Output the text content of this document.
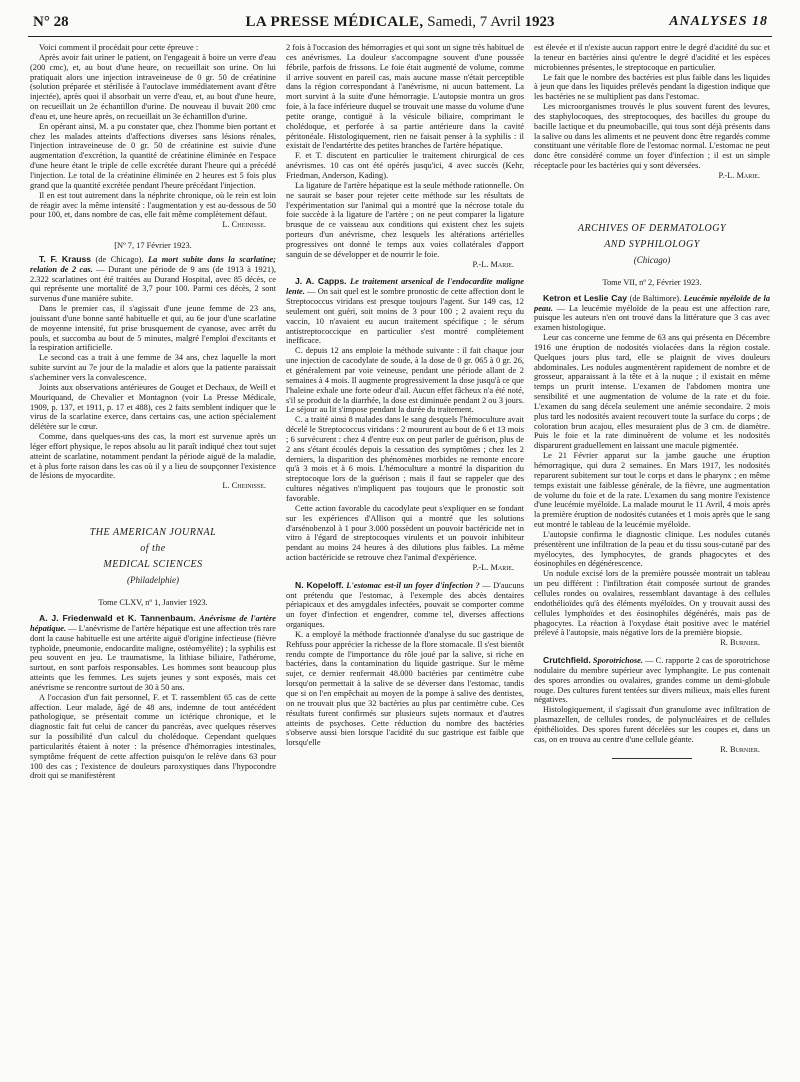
N° 28	LA PRESSE MÉDICALE, Samedi, 7 Avril 1923	ANALYSES 18

Voici comment il procédait pour cette épreuve :

Après avoir fait uriner le patient, on l'engageait à boire un verre d'eau (200 cmc), et, au bout d'une heure, on recueillait son urine. On lui pratiquait alors une injection intraveineuse de 0 gr. 50 de créatinine (solution préparée et stérilisée à l'autoclave immédiatement avant d'être injectée), après quoi il absorbait un verre d'eau, et, au bout d'une heure, on recueillait un 2e échantillon d'urine. De nouveau il buvait 200 cmc d'eau et, une heure après, on recueillait un 3e échantillon d'urine.

En opérant ainsi, M. a pu constater que, chez l'homme bien portant et chez les malades atteints d'affections diverses sans lésions rénales, l'injection intraveineuse de 0 gr. 50 de créatinine est suivie d'une augmentation d'excrétion, la quantité de créatinine éliminée en l'espace d'une heure étant le triple de celle excrétée durant l'heure qui a précédé l'injection. Le total de la créatinine éliminée en 2 heures est 5 fois plus grand que la quantité excrétée pendant l'heure précédant l'injection.

Il en est tout autrement dans la néphrite chronique, où le rein est loin de réagir avec la même intensité : l'augmentation y est au-dessous de 50 pour 100, et, dans nombre de cas, elle fait même complètement défaut.

L. Cheinisse.

[Nº 7, 17 Février 1923.

T. F. Krauss (de Chicago). La mort subite dans la scarlatine; relation de 2 cas. — Durant une période de 9 ans (de 1913 à 1921), 2.322 scarlatines ont été traitées au Durand Hospital, avec 85 décès, ce qui représente une mortalité de 3,7 pour 100. Parmi ces décès, 2 sont survenus d'une manière subite.

Dans le premier cas, il s'agissait d'une jeune femme de 23 ans, jouissant d'une bonne santé habituelle et qui, au 6e jour d'une scarlatine de moyenne intensité, fut prise brusquement de cyanose, avec arrêt du pouls, et succomba au bout de 5 minutes, malgré l'emploi d'excitants et la respiration artificielle.

Le second cas a trait à une femme de 34 ans, chez laquelle la mort subite survint au 7e jour de la maladie et alors que la patiente paraissait s'acheminer vers la convalescence.

Joints aux observations antérieures de Gouget et Dechaux, de Weill et Mouriquand, de Chevalier et Montagnon (voir La Presse Médicale, 1909, p. 137, et 1911, p. 17 et 488), ces 2 faits semblent indiquer que le virus de la scarlatine exerce, dans certains cas, une action spécialement délétère sur le cœur.

Comme, dans quelques-uns des cas, la mort est survenue après un léger effort physique, le repos absolu au lit paraît indiqué chez tout sujet atteint de scarlatine, notamment pendant la période aiguë de la maladie, et à plus forte raison dans les cas où il y a lieu de soupçonner l'existence de lésions de myocardite.

L. Cheinisse.

THE AMERICAN JOURNAL
of the
MEDICAL SCIENCES
(Philadelphie)

Tome CLXV, nº 1, Janvier 1923.

A. J. Friedenwald et K. Tannenbaum. Anévrisme de l'artère hépatique. — L'anévrisme de l'artère hépatique est une affection très rare dont la cause habituelle est une artérite aiguë d'origine infectieuse (fièvre typhoïde, pneumonie, endocardite maligne, ostéomyélite) ; la syphilis est peu souvent en jeu. Le traumatisme, la lithiase biliaire, l'athérome, surtout, en sont parfois responsables. Les hommes sont beaucoup plus atteints que les femmes. Les sujets jeunes y sont exposés, mais cet anévrisme se rencontre surtout de 30 à 50 ans.

A l'occasion d'un fait personnel, F. et T. rassemblent 65 cas de cette affection. Leur malade, âgé de 48 ans, indemne de tout antécédent pathologique, se présentait comme un ictérique chronique, et le diagnostic fait fut celui de cancer du pancréas, avec quelques réserves sur la possibilité d'un calcul du cholédoque. Cependant quelques particularités étaient à noter : la présence d'hémorragies intestinales, symptôme fréquent de cette affection puisqu'on le relève dans 63 pour 100 des cas ; l'existence de douleurs paroxystiques dans l'hypocondre droit qui se manifestèrent

2 fois à l'occasion des hémorragies et qui sont un signe très habituel de ces anévrismes. La douleur s'accompagne souvent d'une poussée fébrile, parfois de frissons. Le foie était augmenté de volume, comme il arrive souvent en pareil cas, mais aucune masse n'était perceptible dans la région correspondant à l'anévrisme, ni aucun battement. La mort survint à la suite d'une hémorragie. L'autopsie montra un gros foie, à la face inférieure duquel se trouvait une masse du volume d'une petite orange, contiguë à la vésicule biliaire, comprimant le cholédoque, et perforée à sa partie antérieure dans la cavité péritonéale. Histologiquement, rien ne faisait penser à la syphilis : il existait de l'endartérite des petites branches de l'artère hépatique.

F. et T. discutent en particulier le traitement chirurgical de ces anévrismes. 10 cas ont été opérés jusqu'ici, 4 avec succès (Kehr, Friedman, Anderson, Kading).

La ligature de l'artère hépatique est la seule méthode rationnelle. On ne saurait se baser pour rejeter cette méthode sur les résultats de l'expérimentation sur l'animal qui a montré que la nécrose totale du foie succède à la ligature de l'artère ; on ne peut comparer la ligature brusque de ce vaisseau aux conditions qui existent chez les sujets porteurs d'un anévrisme, chez lesquels les altérations artérielles progressives ont donné le temps aux voies collatérales d'apport sanguin de se développer et de nourrir le foie.

P.-L. Marie.

J. A. Capps. Le traitement arsenical de l'endocardite maligne lente. — On sait quel est le sombre pronostic de cette affection dont le Streptococcus viridans est presque toujours l'agent. Sur 149 cas, 12 seulement ont guéri, soit moins de 3 pour 100 ; 2 avaient reçu du vaccin, 10 n'avaient eu aucun traitement spécifique ; le sérum antistreptococcique en particulier s'est montré complètement inefficace.

C. depuis 12 ans emploie la méthode suivante : il fait chaque jour une injection de cacodylate de soude, à la dose de 0 gr. 065 à 0 gr. 26, et généralement par voie veineuse, pendant une période allant de 2 semaines à 4 mois. Il augmente progressivement la dose jusqu'à ce que l'haleine exhale une forte odeur d'ail. Aucun effet fâcheux n'a été noté, s'il se produit de la diarrhée, la dose est diminuée pendant 2 ou 3 jours. Le séjour au lit s'impose pendant la durée du traitement.

C. a traité ainsi 8 malades dans le sang desquels l'hémoculture avait décelé le Streptococcus viridans : 2 moururent au bout de 6 et 13 mois ; 6 survécurent : chez 4 d'entre eux on peut parler de guérison, plus de 2 ans s'étant écoulés depuis la cessation des symptômes ; chez les 2 derniers, la disparition des phénomènes morbides ne remonte encore qu'à 3 mois et à 6 mois. L'hémoculture a montré la disparition du streptocoque lors de la guérison ; mais il faut se rappeler que des cultures négatives n'impliquent pas toujours que le pronostic soit favorable.

Cette action favorable du cacodylate peut s'expliquer en se fondant sur les expériences d'Allison qui a montré que les solutions d'arsénobenzol à 1 pour 3.000 possèdent un pouvoir bactéricide net in vitro à l'égard de streptocoques virulents et un pouvoir inhibiteur pendant au moins 24 heures à des dilutions plus faibles. La même action bactéricide se retrouve chez l'animal d'expérience.

P.-L. Marie.

N. Kopeloff. L'estomac est-il un foyer d'infection ? — D'aucuns ont prétendu que l'estomac, à l'exemple des abcès dentaires périapicaux et des amygdales infectées, pouvait se comporter comme un foyer d'infection et engendrer, comme tel, diverses affections organiques.

K. a employé la méthode fractionnée d'analyse du suc gastrique de Rehfuss pour apprécier la richesse de la flore stomacale. Il s'est bientôt rendu compte de l'importance du rôle joué par la salive, si riche en bactéries, dans la contamination du liquide gastrique. Sur le même sujet, ce dernier renfermait 48.000 bactéries par centimètre cube lorsqu'on permettait à la salive de se déverser dans l'estomac, tandis que si on l'en empêchait au moyen de la pompe à salive des dentistes, on ne trouvait plus que 32 bactéries au plus par centimètre cube. Ces résultats furent confirmés sur plusieurs sujets normaux et d'autres atteints de psychoses. Cette réduction du nombre des bactéries s'observe aussi bien lorsque l'acidité du suc gastrique est faible que lorsqu'elle

est élevée et il n'existe aucun rapport entre le degré d'acidité du suc et la teneur en bactéries ainsi qu'entre le degré d'acidité et les espèces microbiennes présentes, le streptocoque en particulier.

Le fait que le nombre des bactéries est plus faible dans les liquides à jeun que dans les liquides prélevés pendant la digestion indique que les bactéries ne se multiplient pas dans l'estomac.

Les microorganismes trouvés le plus souvent furent des levures, des staphylocoques, des streptocoques, des bacilles du groupe du bacille lactique et du pneumobacille, qui tous sont déjà présents dans la salive ou dans les aliments et ne peuvent donc être regardés comme constituant une véritable flore de l'estomac normal. L'estomac ne peut donc être considéré comme un foyer d'infection ; il est un simple réceptacle pour les bactéries qui y sont déversées.

P.-L. Marie.

ARCHIVES OF DERMATOLOGY
AND SYPHILOLOGY
(Chicago)

Tome VII, nº 2, Février 1923.

Ketron et Leslie Cay (de Baltimore). Leucémie myéloïde de la peau. — La leucémie myéloïde de la peau est une affection rare, puisque les auteurs n'en ont trouvé dans la littérature que 3 cas avec examen histologique.

Leur cas concerne une femme de 63 ans qui présenta en Décembre 1916 une éruption de nodosités violacées dans la région costale. Quelques jours plus tard, elle se plaignit de vives douleurs abdominales. Les nodules augmentèrent rapidement de nombre et de grosseur, apparaissant à la tête et à la nuque ; il existait en même temps un prurit intense. L'examen de l'abdomen montra une sensibilité et une augmentation de volume de la rate et du foie. L'examen du sang décela seulement une anémie secondaire. 2 mois plus tard les nodosités avaient recouvert toute la surface du corps ; de coloration brun acajou, elles mesuraient plus de 3 cm. de diamètre. Puis le foie et la rate diminuèrent de volume et les nodosités disparurent graduellement en laissant une macule pigmentée.

Le 21 Février apparut sur la jambe gauche une éruption hémorragique, qui dura 2 semaines. En Mars 1917, les nodosités reparurent subitement sur tout le corps et dans le pharynx ; en même temps existait une faiblesse générale, de la fièvre, une augmentation de volume du foie et de la rate. L'examen du sang montre l'existence d'une leucémie myéloïde. La malade mourut le 11 Avril, 4 mois après la première éruption de nodosités cutanées et 1 mois après que le sang eut montré le tableau de la leucémie myéloïde.

L'autopsie confirma le diagnostic clinique. Les nodules cutanés présentèrent une infiltration de la peau et du tissu sous-cutané par des myélocytes, des lymphocytes, de grands phagocytes et des éosinophiles en dégénérescence.

Un nodule excisé lors de la première poussée montrait un tableau un peu différent : l'infiltration était composée surtout de grandes cellules rondes ou ovalaires, ressemblant davantage à des cellules endothélioïdes qu'à des éléments myéloïdes. On y trouvait aussi des cellules lymphoïdes et des éosinophiles dégénérés, mais pas de phagocytes. La réaction à l'oxydase était positive avec le matériel prélevé à l'autopsie, mais négative lors de la première biopsie.

R. Burnier.

Crutchfield. Sporotrichose. — C. rapporte 2 cas de sporotrichose nodulaire du membre supérieur avec lymphangite. Le pus contenait des spores arrondies ou ovalaires, grandes comme un demi-globule rouge. Des cultures furent tentées sur divers milieux, mais elles furent négatives.

Histologiquement, il s'agissait d'un granulome avec infiltration de plasmazellen, de cellules rondes, de polynucléaires et de cellules épithélioïdes. Des spores furent décelées sur les coupes et, dans un cas, on en trouva au centre d'une cellule géante.

R. Burnier.
